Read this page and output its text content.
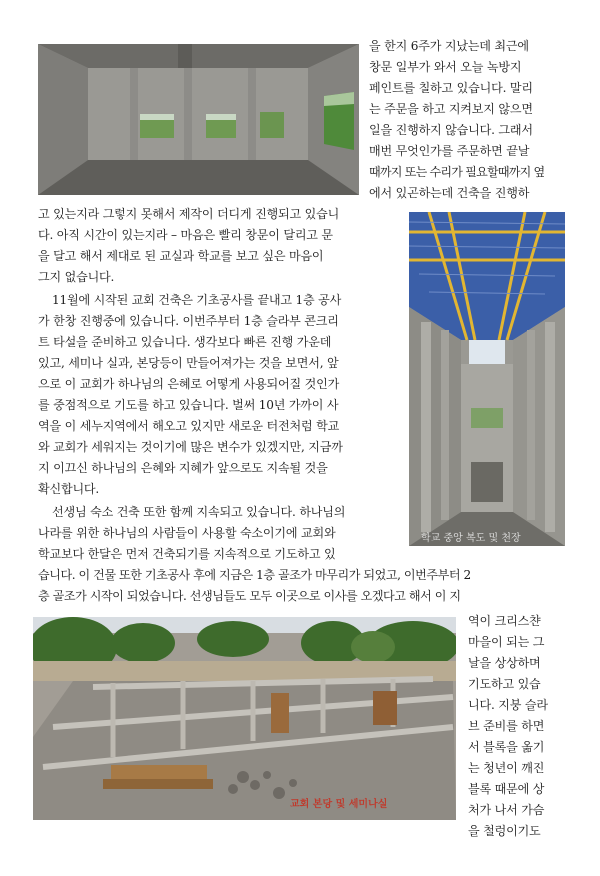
학교 중앙 복도 및 천장
교회 본당 및 세미나실
을 한지 6주가 지났는데 최근에
창문 일부가 와서 오늘 녹방지
페인트를 칠하고 있습니다. 말리
는 주문을 하고 지켜보지 않으면
일을 진행하지 않습니다. 그래서
매번 무엇인가를 주문하면 끝날
때까지 또는 수리가 필요할때까지 옆
에서 있곤하는데 건축을 진행하
고 있는지라 그렇지 못해서 제작이 더디게 진행되고 있습니
다. 아직 시간이 있는지라 – 마음은 빨리 창문이 달리고 문
을 달고 해서 제대로 된 교실과 학교를 보고 싶은 마음이
그지 없습니다.
11월에 시작된 교회 건축은 기초공사를 끝내고 1층 공사
가 한창 진행중에 있습니다. 이번주부터 1층 슬라부 콘크리
트 타설을 준비하고 있습니다. 생각보다 빠른 진행 가운데
있고, 세미나 실과, 본당등이 만들어져가는 것을 보면서, 앞
으로 이 교회가 하나님의 은혜로 어떻게 사용되어질 것인가
를 중점적으로 기도를 하고 있습니다. 벌써 10년 가까이 사
역을 이 세누지역에서 해오고 있지만 새로운 터전처럼 학교
와 교회가 세워지는 것이기에 많은 변수가 있겠지만, 지금까
지 이끄신 하나님의 은혜와 지혜가 앞으로도 지속될 것을
확신합니다.
선생님 숙소 건축 또한 함께 지속되고 있습니다. 하나님의
나라를 위한 하나님의 사람들이 사용할 숙소이기에 교회와
학교보다 한달은 먼저 건축되기를 지속적으로 기도하고 있
습니다. 이 건물 또한 기초공사 후에 지금은 1층 골조가 마무리가 되었고, 이번주부터 2
층 골조가 시작이 되었습니다. 선생님들도 모두 이곳으로 이사를 오겠다고 해서 이 지
역이 크리스챤
마을이 되는 그
날을 상상하며
기도하고 있습
니다. 지붕 슬라
브 준비를 하면
서 블록을 옮기
는 청년이 깨진
블록 때문에 상
처가 나서 가슴
을 철렁이기도
